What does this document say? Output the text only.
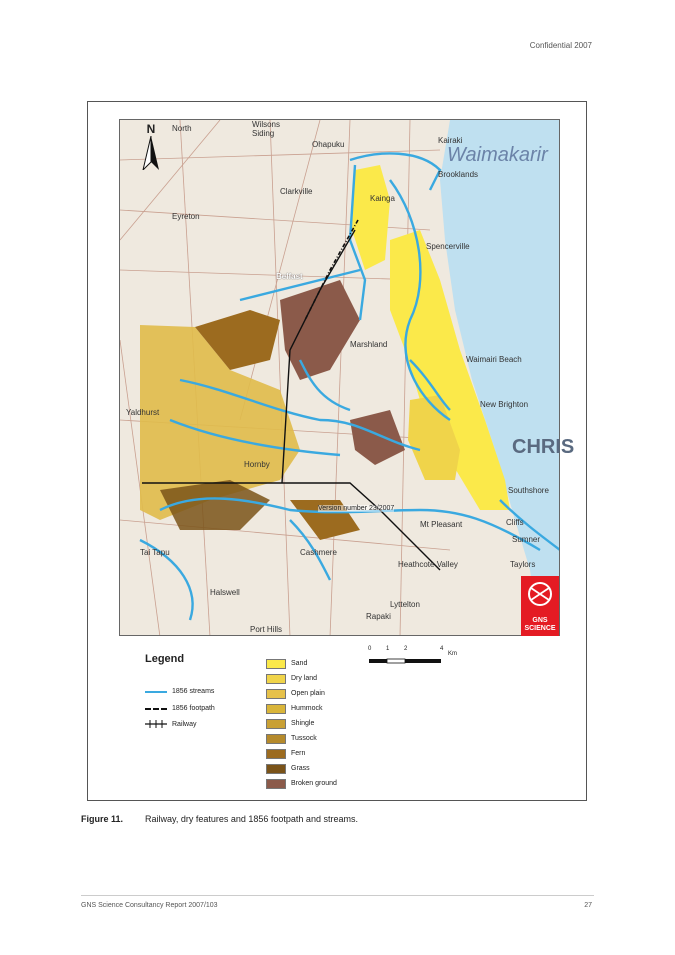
Confidential 2007
North	Wilsons Siding
Ohapuku	Kairaki
Waimakarir
Brooklands
Clarkville
Eyreton
Kainga
Spencerville
Belfast
Marshland
Waimairi Beach
New Brighton
CHRIS
Southshore
Cliffs
Sumner
Taylors
Halswell
Cashmere
Heathcote Valley
Lyttelton
Rapaki
Port Hills
Mt Pleasant
Tai Tapu
Yaldhurst
Hornby
N
Version number 23/2007
GNS SCIENCE
0 1 2	4
Km
Legend
1856 streams
1856 footpath
Railway
Sand
Dry land
Open plain
Hummock
Shingle
Tussock
Fern
Grass
Broken ground
Figure 11. Railway, dry features and 1856 footpath and streams.
GNS Science Consultancy Report 2007/103	27
